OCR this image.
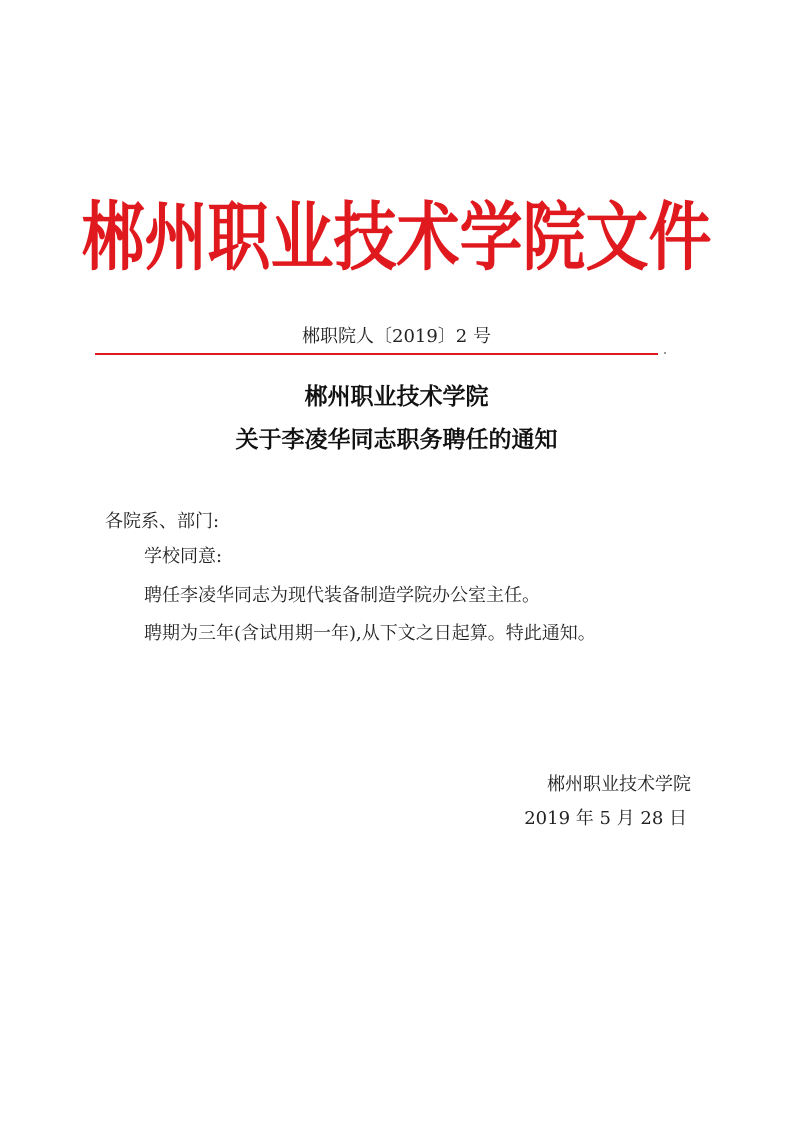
郴州职业技术学院文件
郴职院人〔2019〕2 号
郴州职业技术学院
关于李凌华同志职务聘任的通知
各院系、部门:
学校同意:
聘任李凌华同志为现代装备制造学院办公室主任。
聘期为三年(含试用期一年),从下文之日起算。特此通知。
郴州职业技术学院
2019 年 5 月 28 日
